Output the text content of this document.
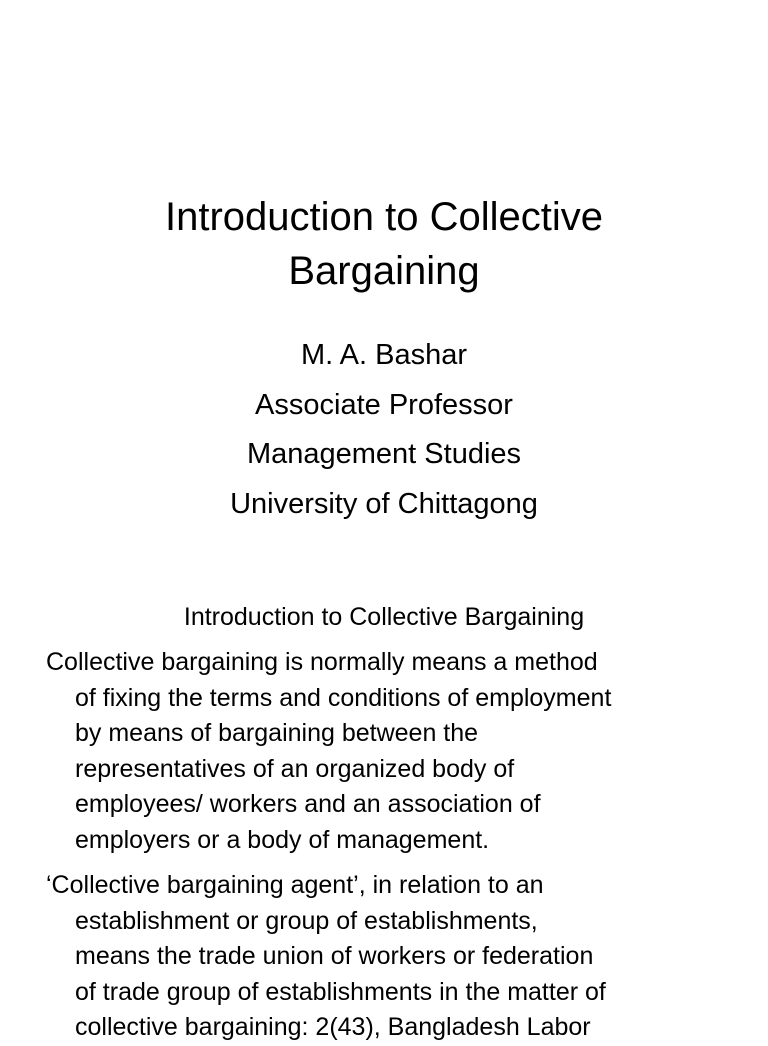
Introduction to Collective
Bargaining
M. A. Bashar
Associate Professor
Management Studies
University of Chittagong
Introduction to Collective Bargaining
Collective bargaining is normally means a method
of fixing the terms and conditions of employment
by means of bargaining between the
representatives of an organized body of
employees/ workers and an association of
employers or a body of management.
‘Collective bargaining agent’, in relation to an
establishment or group of establishments,
means the trade union of workers or federation
of trade group of establishments in the matter of
collective bargaining: 2(43), Bangladesh Labor
